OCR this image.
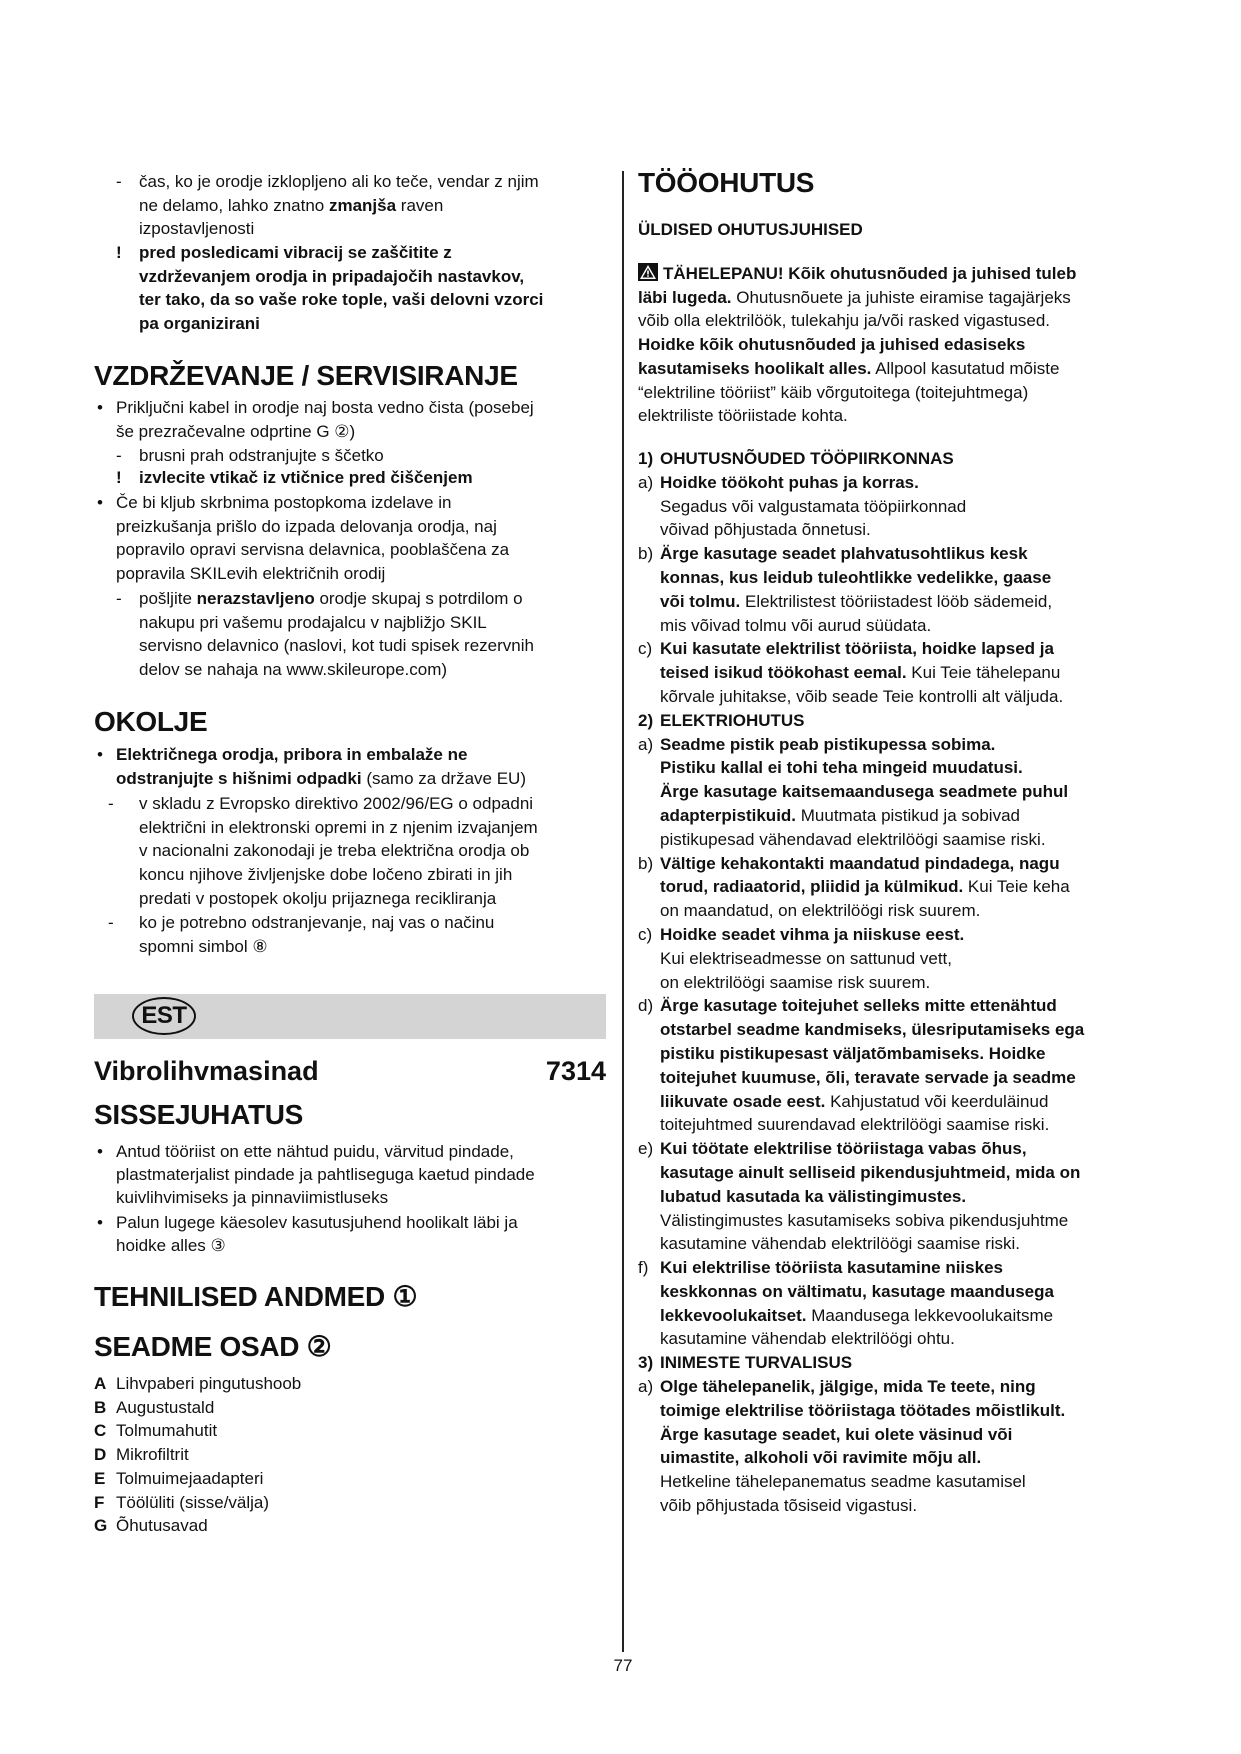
- čas, ko je orodje izklopljeno ali ko teče, vendar z njim
ne delamo, lahko znatno zmanjša raven
izpostavljenosti
! pred posledicami vibracij se zaščitite z
vzdrževanjem orodja in pripadajočih nastavkov,
ter tako, da so vaše roke tople, vaši delovni vzorci
pa organizirani
VZDRŽEVANJE / SERVISIRANJE
• Priključni kabel in orodje naj bosta vedno čista (posebej
še prezračevalne odprtine G ②)
- brusni prah odstranjujte s ščetko
! izvlecite vtikač iz vtičnice pred čiščenjem
• Če bi kljub skrbnima postopkoma izdelave in
preizkušanja prišlo do izpada delovanja orodja, naj
popravilo opravi servisna delavnica, pooblaščena za
popravila SKILevih električnih orodij
- pošljite nerazstavljeno orodje skupaj s potrdilom o
nakupu pri vašemu prodajalcu v najbližjo SKIL
servisno delavnico (naslovi, kot tudi spisek rezervnih
delov se nahaja na www.skileurope.com)
OKOLJE
• Električnega orodja, pribora in embalaže ne
odstranjujte s hišnimi odpadki (samo za države EU)
- v skladu z Evropsko direktivo 2002/96/EG o odpadni
električni in elektronski opremi in z njenim izvajanjem
v nacionalni zakonodaji je treba električna orodja ob
koncu njihove življenjske dobe ločeno zbirati in jih
predati v postopek okolju prijaznega recikliranja
- ko je potrebno odstranjevanje, naj vas o načinu
spomni simbol ⑧
EST
Vibrolihvmasinad	7314
SISSEJUHATUS
• Antud tööriist on ette nähtud puidu, värvitud pindade,
plastmaterjalist pindade ja pahtliseguga kaetud pindade
kuivlihvimiseks ja pinnaviimistluseks
• Palun lugege käesolev kasutusjuhend hoolikalt läbi ja
hoidke alles ③
TEHNILISED ANDMED ①
SEADME OSAD ②
A Lihvpaberi pingutushoob
B Augustustald
C Tolmumahutit
D Mikrofiltrit
E Tolmuimejaadapteri
F Töölüliti (sisse/välja)
G Õhutusavad
TÖÖOHUTUS
ÜLDISED OHUTUSJUHISED
TÄHELEPANU! Kõik ohutusnõuded ja juhised tuleb
läbi lugeda. Ohutusnõuete ja juhiste eiramise tagajärjeks
võib olla elektrilöök, tulekahju ja/või rasked vigastused.
Hoidke kõik ohutusnõuded ja juhised edasiseks
kasutamiseks hoolikalt alles. Allpool kasutatud mõiste
“elektriline tööriist” käib võrgutoitega (toitejuhtmega)
elektriliste tööriistade kohta.
1) OHUTUSNÕUDED TÖÖPIIRKONNAS
a) Hoidke töökoht puhas ja korras.
Segadus või valgustamata tööpiirkonnad
võivad põhjustada õnnetusi.
b) Ärge kasutage seadet plahvatusohtlikus kesk
konnas, kus leidub tuleohtlikke vedelikke, gaase
või tolmu. Elektrilistest tööriistadest lööb sädemeid,
mis võivad tolmu või aurud süüdata.
c) Kui kasutate elektrilist tööriista, hoidke lapsed ja
teised isikud töökohast eemal. Kui Teie tähelepanu
kõrvale juhitakse, võib seade Teie kontrolli alt väljuda.
2) ELEKTRIOHUTUS
a) Seadme pistik peab pistikupessa sobima.
Pistiku kallal ei tohi teha mingeid muudatusi.
Ärge kasutage kaitsemaandusega seadmete puhul
adapterpistikuid. Muutmata pistikud ja sobivad
pistikupesad vähendavad elektrilöögi saamise riski.
b) Vältige kehakontakti maandatud pindadega, nagu
torud, radiaatorid, pliidid ja külmikud. Kui Teie keha
on maandatud, on elektrilöögi risk suurem.
c) Hoidke seadet vihma ja niiskuse eest.
Kui elektriseadmesse on sattunud vett,
on elektrilöögi saamise risk suurem.
d) Ärge kasutage toitejuhet selleks mitte ettenähtud
otstarbel seadme kandmiseks, ülesriputamiseks ega
pistiku pistikupesast väljatõmbamiseks. Hoidke
toitejuhet kuumuse, õli, teravate servade ja seadme
liikuvate osade eest. Kahjustatud või keerduläinud
toitejuhtmed suurendavad elektrilöögi saamise riski.
e) Kui töötate elektrilise tööriistaga vabas õhus,
kasutage ainult selliseid pikendusjuhtmeid, mida on
lubatud kasutada ka välistingimustes.
Välistingimustes kasutamiseks sobiva pikendusjuhtme
kasutamine vähendab elektrilöögi saamise riski.
f) Kui elektrilise tööriista kasutamine niiskes
keskkonnas on vältimatu, kasutage maandusega
lekkevoolukaitset. Maandusega lekkevoolukaitsme
kasutamine vähendab elektrilöögi ohtu.
3) INIMESTE TURVALISUS
a) Olge tähelepanelik, jälgige, mida Te teete, ning
toimige elektrilise tööriistaga töötades mõistlikult.
Ärge kasutage seadet, kui olete väsinud või
uimastite, alkoholi või ravimite mõju all.
Hetkeline tähelepanematus seadme kasutamisel
võib põhjustada tõsiseid vigastusi.
77
